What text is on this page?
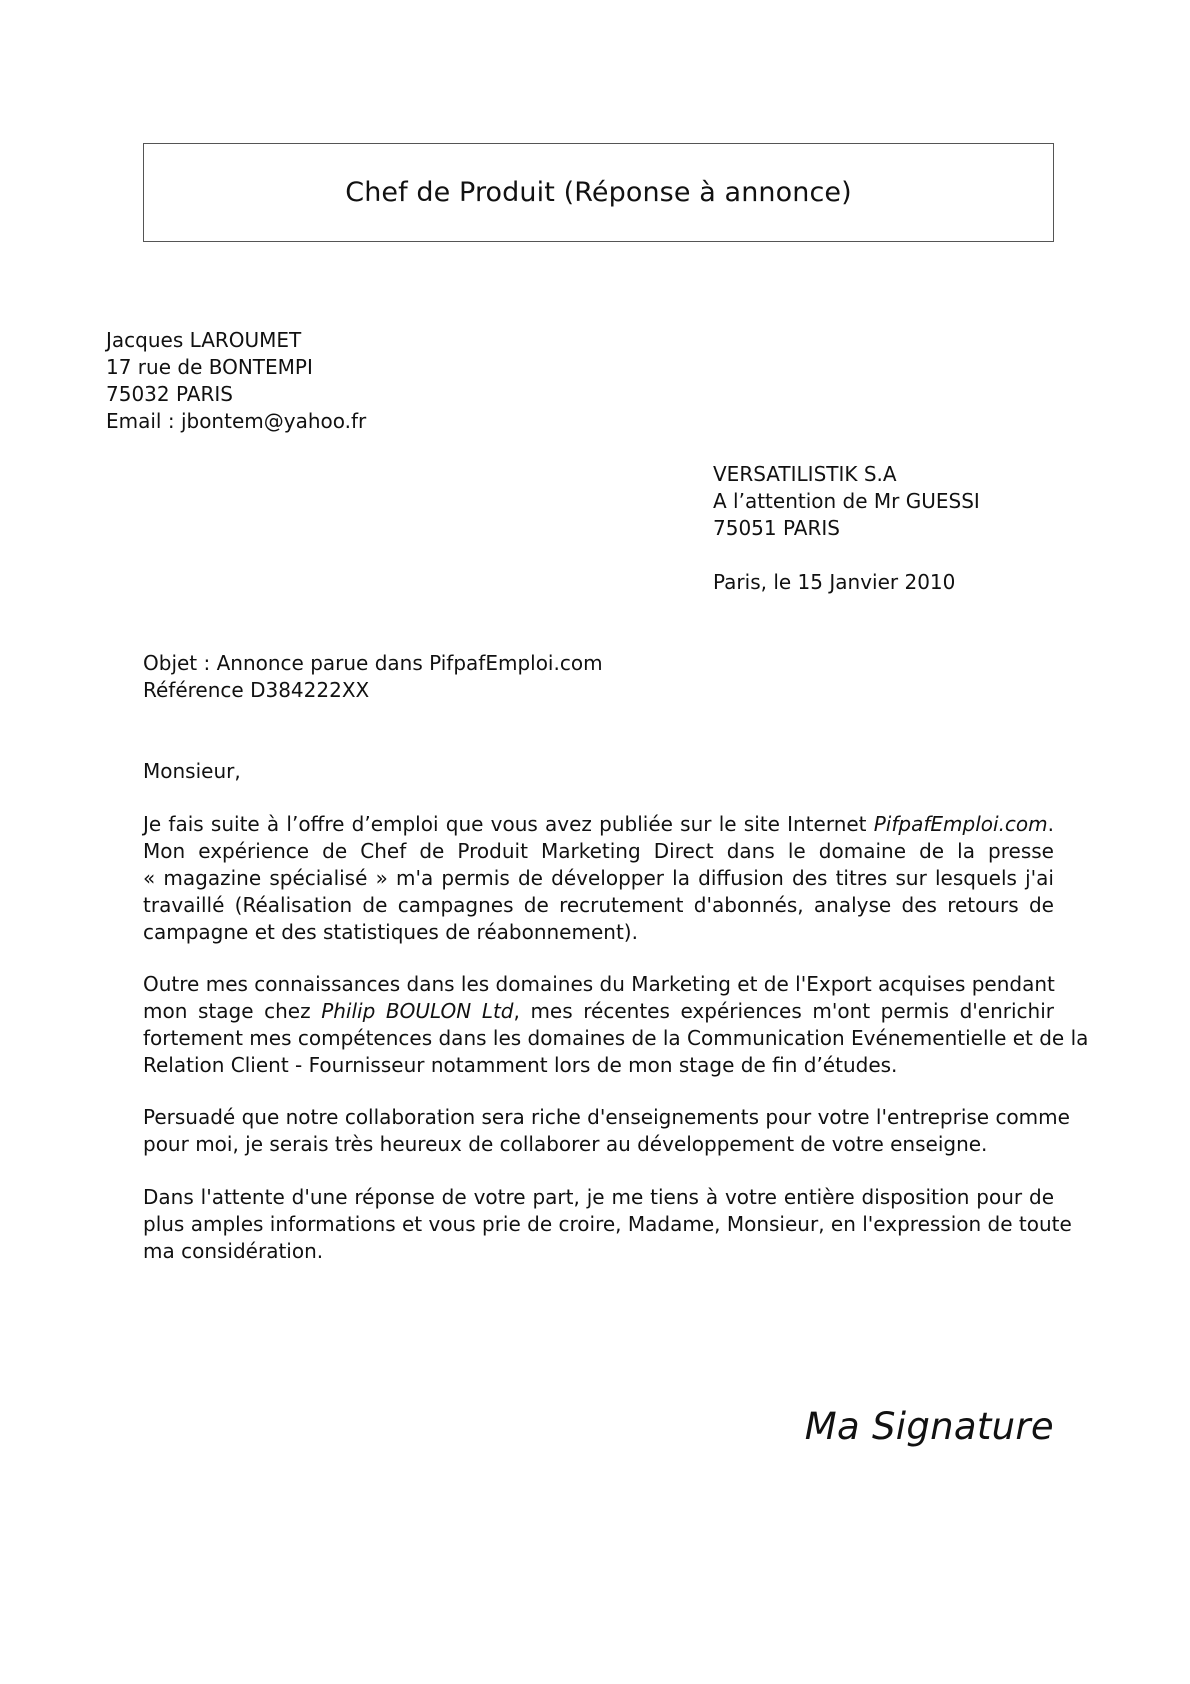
Chef de Produit (Réponse à annonce)
Jacques LAROUMET
17 rue de BONTEMPI
75032 PARIS
Email : jbontem@yahoo.fr
VERSATILISTIK S.A
A l’attention de Mr GUESSI
75051 PARIS
Paris, le 15 Janvier 2010
Objet : Annonce parue dans PifpafEmploi.com
Référence D384222XX
Monsieur,
Je fais suite à l’offre d’emploi que vous avez publiée sur le site Internet PifpafEmploi.com.
Mon expérience de Chef de Produit Marketing Direct dans le domaine de la presse
« magazine spécialisé » m'a permis de développer la diffusion des titres sur lesquels j'ai
travaillé (Réalisation de campagnes de recrutement d'abonnés, analyse des retours de
campagne et des statistiques de réabonnement).
Outre mes connaissances dans les domaines du Marketing et de l'Export acquises pendant
mon stage chez Philip BOULON Ltd, mes récentes expériences m'ont permis d'enrichir
fortement mes compétences dans les domaines de la Communication Evénementielle et de la
Relation Client - Fournisseur notamment lors de mon stage de fin d’études.
Persuadé que notre collaboration sera riche d'enseignements pour votre l'entreprise comme
pour moi, je serais très heureux de collaborer au développement de votre enseigne.
Dans l'attente d'une réponse de votre part, je me tiens à votre entière disposition pour de
plus amples informations et vous prie de croire, Madame, Monsieur, en l'expression de toute
ma considération.
Ma Signature
